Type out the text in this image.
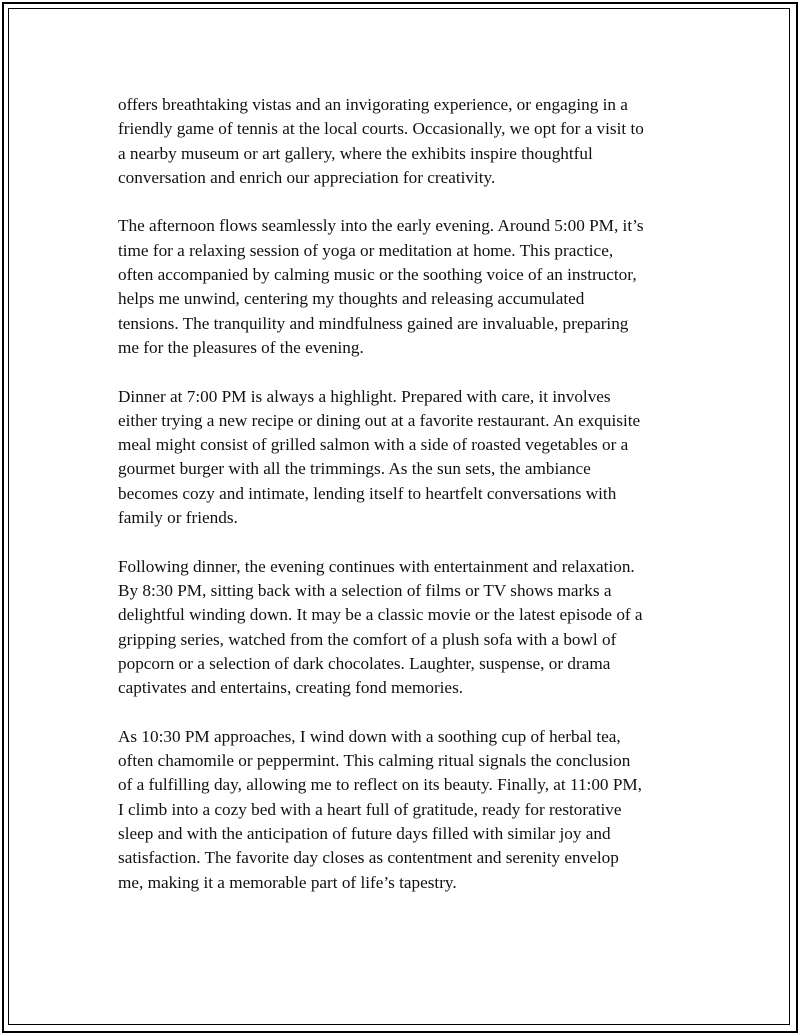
offers breathtaking vistas and an invigorating experience, or engaging in a
friendly game of tennis at the local courts. Occasionally, we opt for a visit to
a nearby museum or art gallery, where the exhibits inspire thoughtful
conversation and enrich our appreciation for creativity.

The afternoon flows seamlessly into the early evening. Around 5:00 PM, it’s
time for a relaxing session of yoga or meditation at home. This practice,
often accompanied by calming music or the soothing voice of an instructor,
helps me unwind, centering my thoughts and releasing accumulated
tensions. The tranquility and mindfulness gained are invaluable, preparing
me for the pleasures of the evening.

Dinner at 7:00 PM is always a highlight. Prepared with care, it involves
either trying a new recipe or dining out at a favorite restaurant. An exquisite
meal might consist of grilled salmon with a side of roasted vegetables or a
gourmet burger with all the trimmings. As the sun sets, the ambiance
becomes cozy and intimate, lending itself to heartfelt conversations with
family or friends.

Following dinner, the evening continues with entertainment and relaxation.
By 8:30 PM, sitting back with a selection of films or TV shows marks a
delightful winding down. It may be a classic movie or the latest episode of a
gripping series, watched from the comfort of a plush sofa with a bowl of
popcorn or a selection of dark chocolates. Laughter, suspense, or drama
captivates and entertains, creating fond memories.

As 10:30 PM approaches, I wind down with a soothing cup of herbal tea,
often chamomile or peppermint. This calming ritual signals the conclusion
of a fulfilling day, allowing me to reflect on its beauty. Finally, at 11:00 PM,
I climb into a cozy bed with a heart full of gratitude, ready for restorative
sleep and with the anticipation of future days filled with similar joy and
satisfaction. The favorite day closes as contentment and serenity envelop
me, making it a memorable part of life’s tapestry.
